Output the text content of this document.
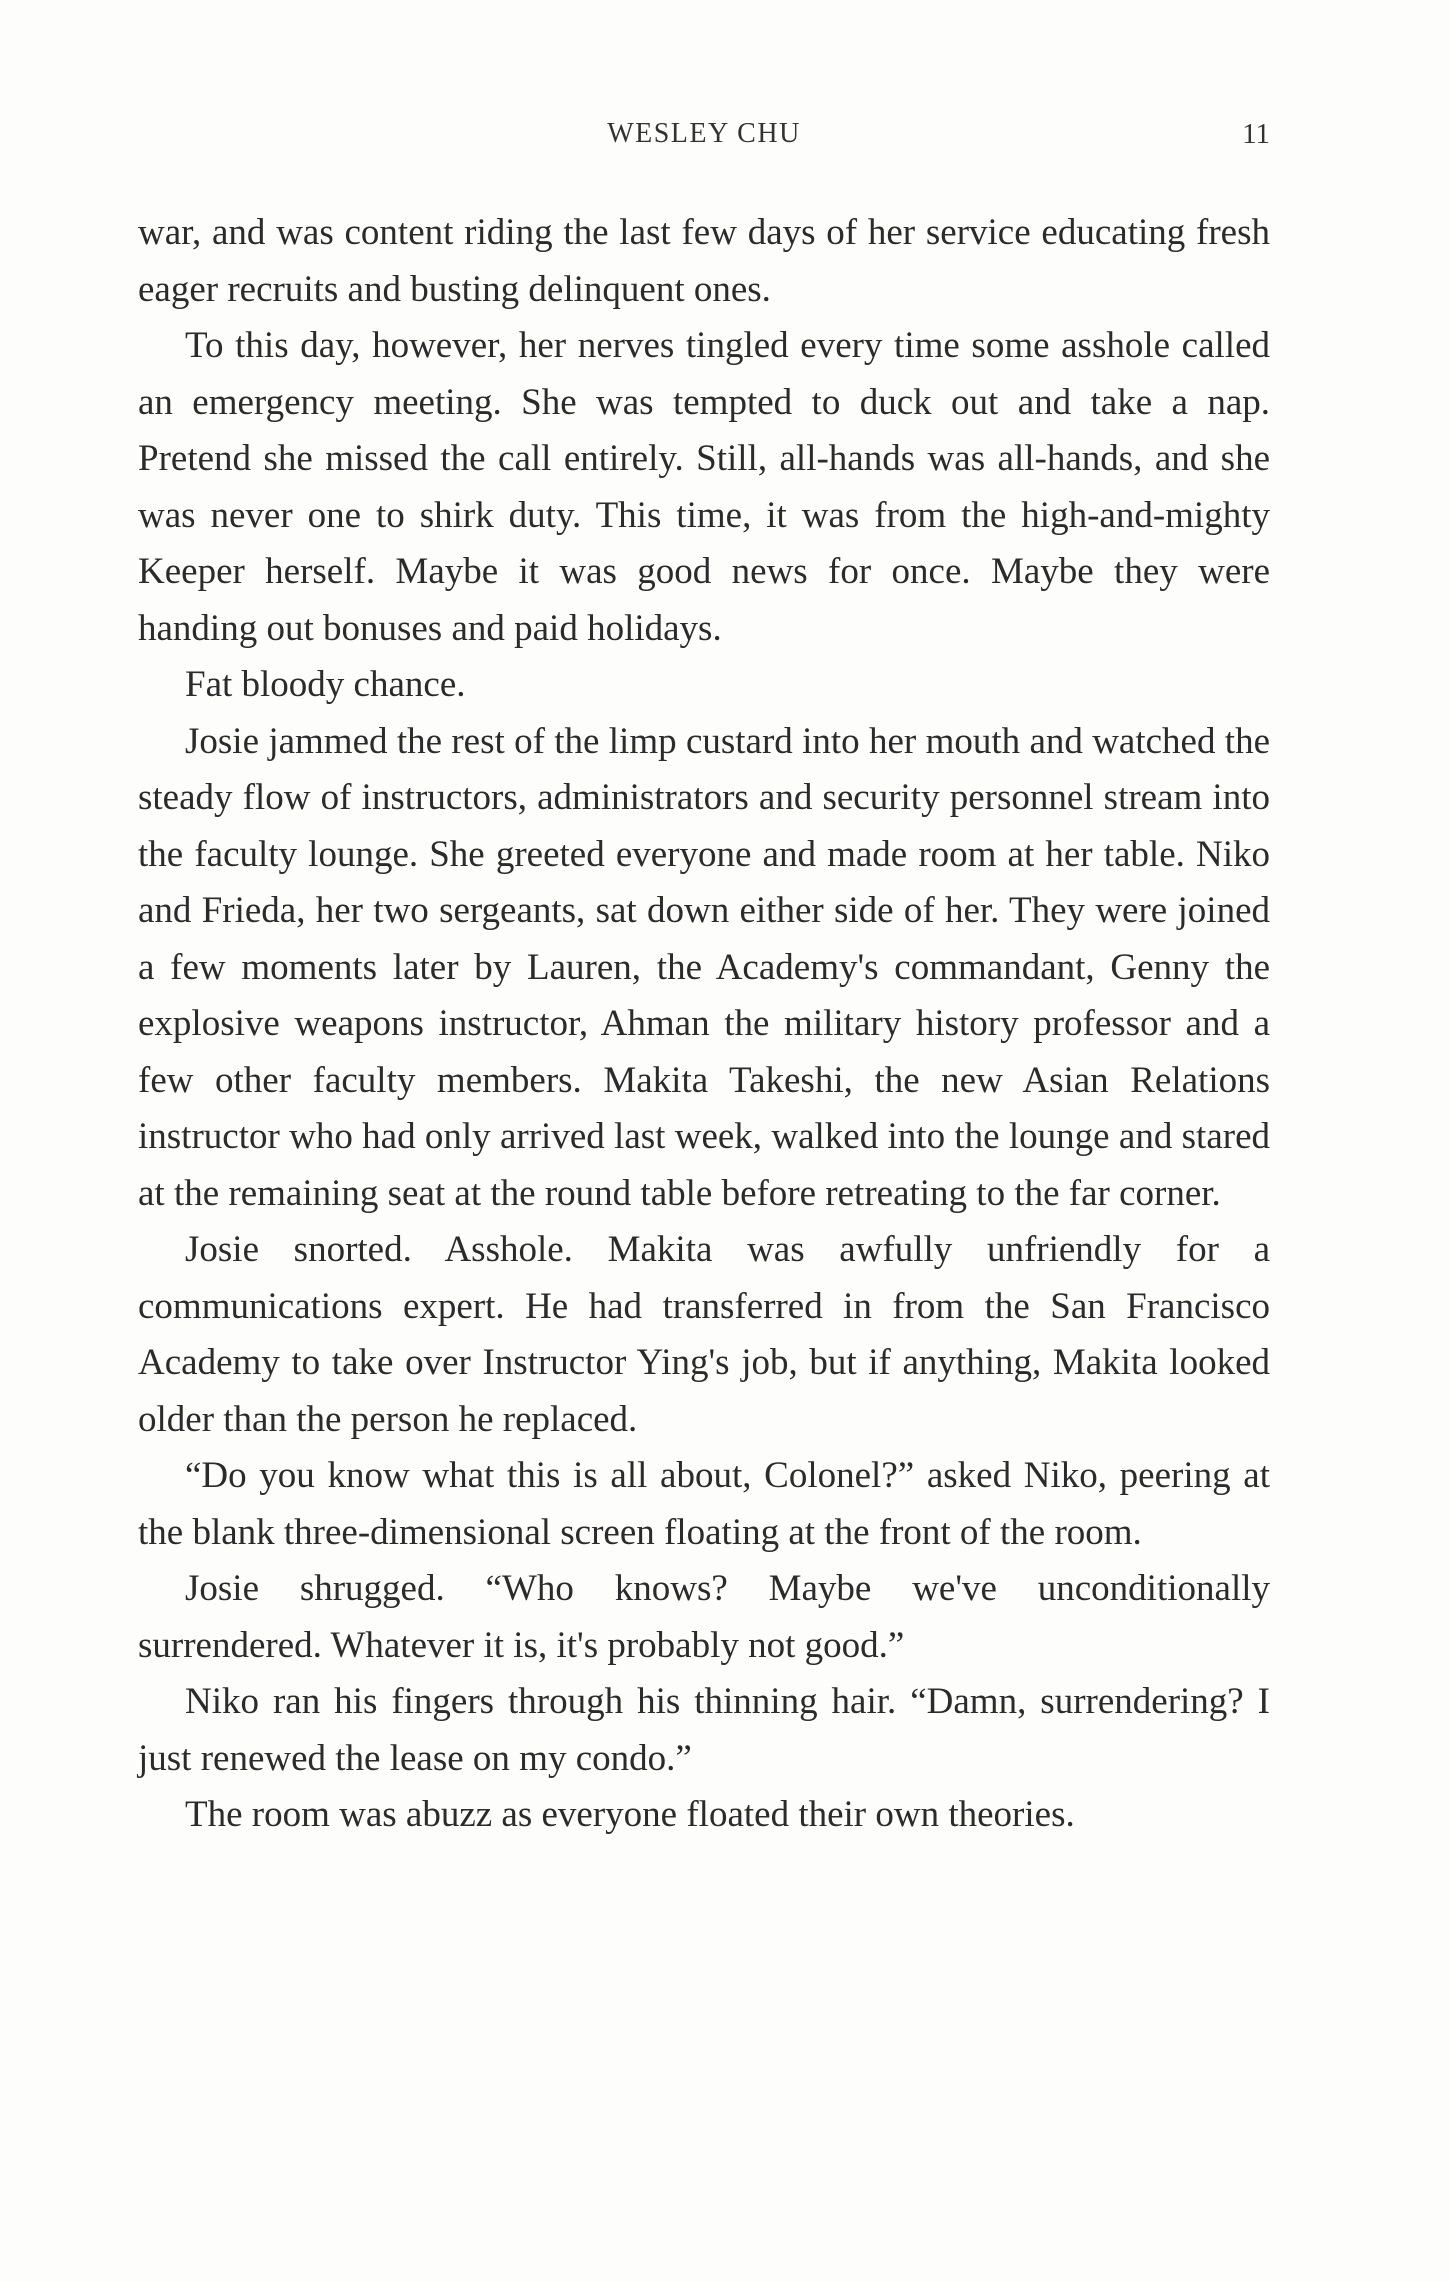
WESLEY CHU	11

war, and was content riding the last few days of her service educating fresh eager recruits and busting delinquent ones.

To this day, however, her nerves tingled every time some asshole called an emergency meeting. She was tempted to duck out and take a nap. Pretend she missed the call entirely. Still, all-hands was all-hands, and she was never one to shirk duty. This time, it was from the high-and-mighty Keeper herself. Maybe it was good news for once. Maybe they were handing out bonuses and paid holidays.

Fat bloody chance.

Josie jammed the rest of the limp custard into her mouth and watched the steady flow of instructors, administrators and security personnel stream into the faculty lounge. She greeted everyone and made room at her table. Niko and Frieda, her two sergeants, sat down either side of her. They were joined a few moments later by Lauren, the Academy's commandant, Genny the explosive weapons instructor, Ahman the military history professor and a few other faculty members. Makita Takeshi, the new Asian Relations instructor who had only arrived last week, walked into the lounge and stared at the remaining seat at the round table before retreating to the far corner.

Josie snorted. Asshole. Makita was awfully unfriendly for a communications expert. He had transferred in from the San Francisco Academy to take over Instructor Ying's job, but if anything, Makita looked older than the person he replaced.

“Do you know what this is all about, Colonel?” asked Niko, peering at the blank three-dimensional screen floating at the front of the room.

Josie shrugged. “Who knows? Maybe we've unconditionally surrendered. Whatever it is, it's probably not good.”

Niko ran his fingers through his thinning hair. “Damn, surrendering? I just renewed the lease on my condo.”

The room was abuzz as everyone floated their own theories.
